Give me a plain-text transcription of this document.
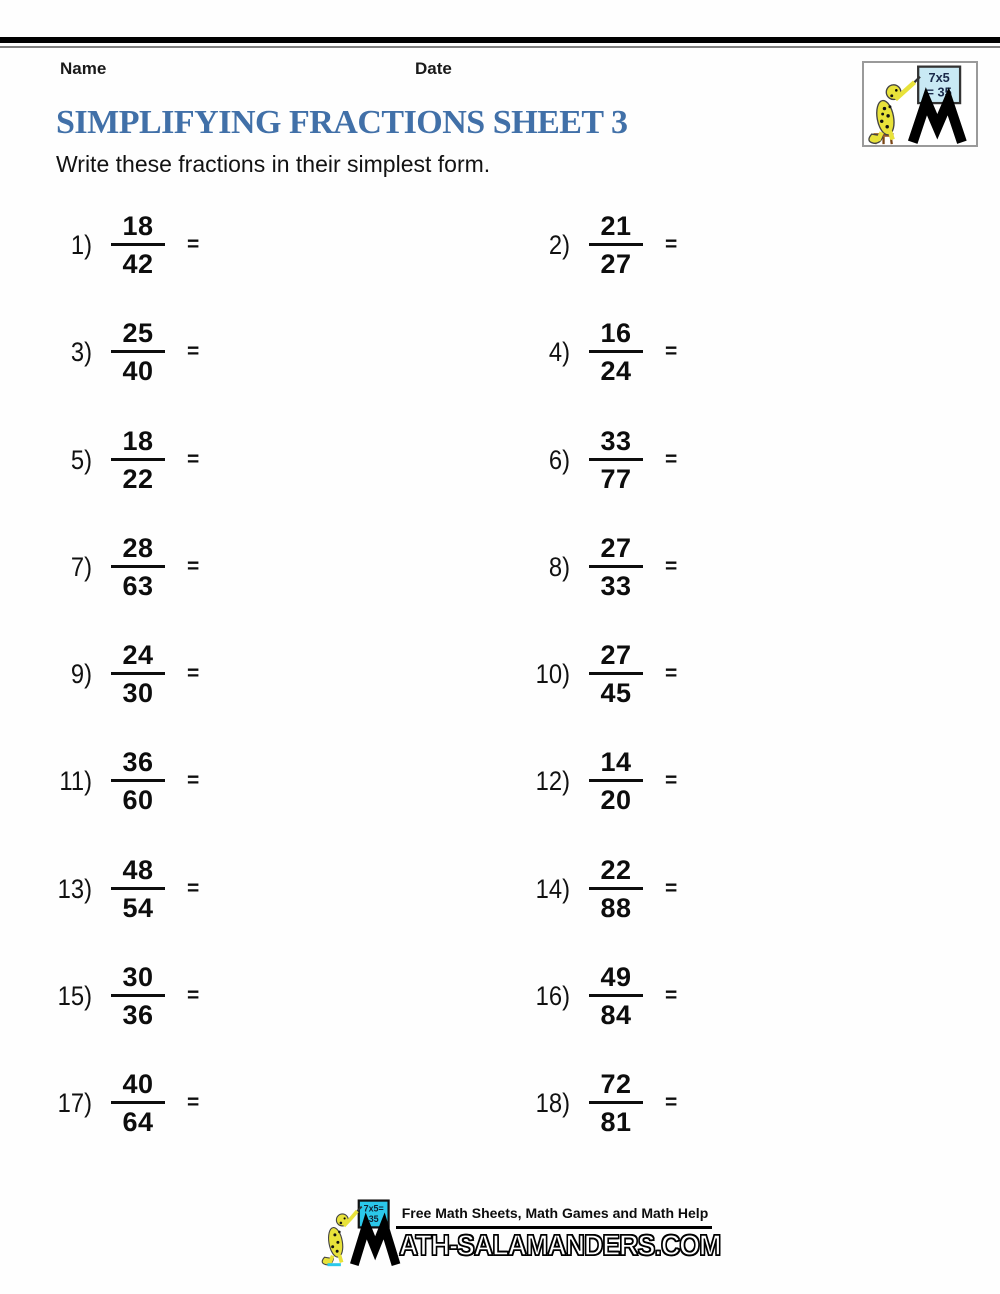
Name	Date	7x5
= 35
SIMPLIFYING FRACTIONS SHEET 3
Write these fractions in their simplest form.
$1) \frac{18}{42}$ =	$2) \frac{21}{27}$ =
$3) \frac{25}{40}$ =	$4) \frac{16}{24}$ =
$5) \frac{18}{22}$ =	$6) \frac{33}{77}$ =
$7) \frac{28}{63}$ =	$8) \frac{27}{33}$ =
$9) \frac{24}{30}$ =	$10) \frac{27}{45}$ =
$11) \frac{36}{60}$ =	$12) \frac{14}{20}$ =
$13) \frac{48}{54}$ =	$14) \frac{22}{88}$ =
$15) \frac{30}{36}$ =	$16) \frac{49}{84}$ =
$17) \frac{40}{64}$ =	$18) \frac{72}{81}$ =
7x5=
35 Free Math Sheets, Math Games and Math Help
ATH-SALAMANDERS.COM
